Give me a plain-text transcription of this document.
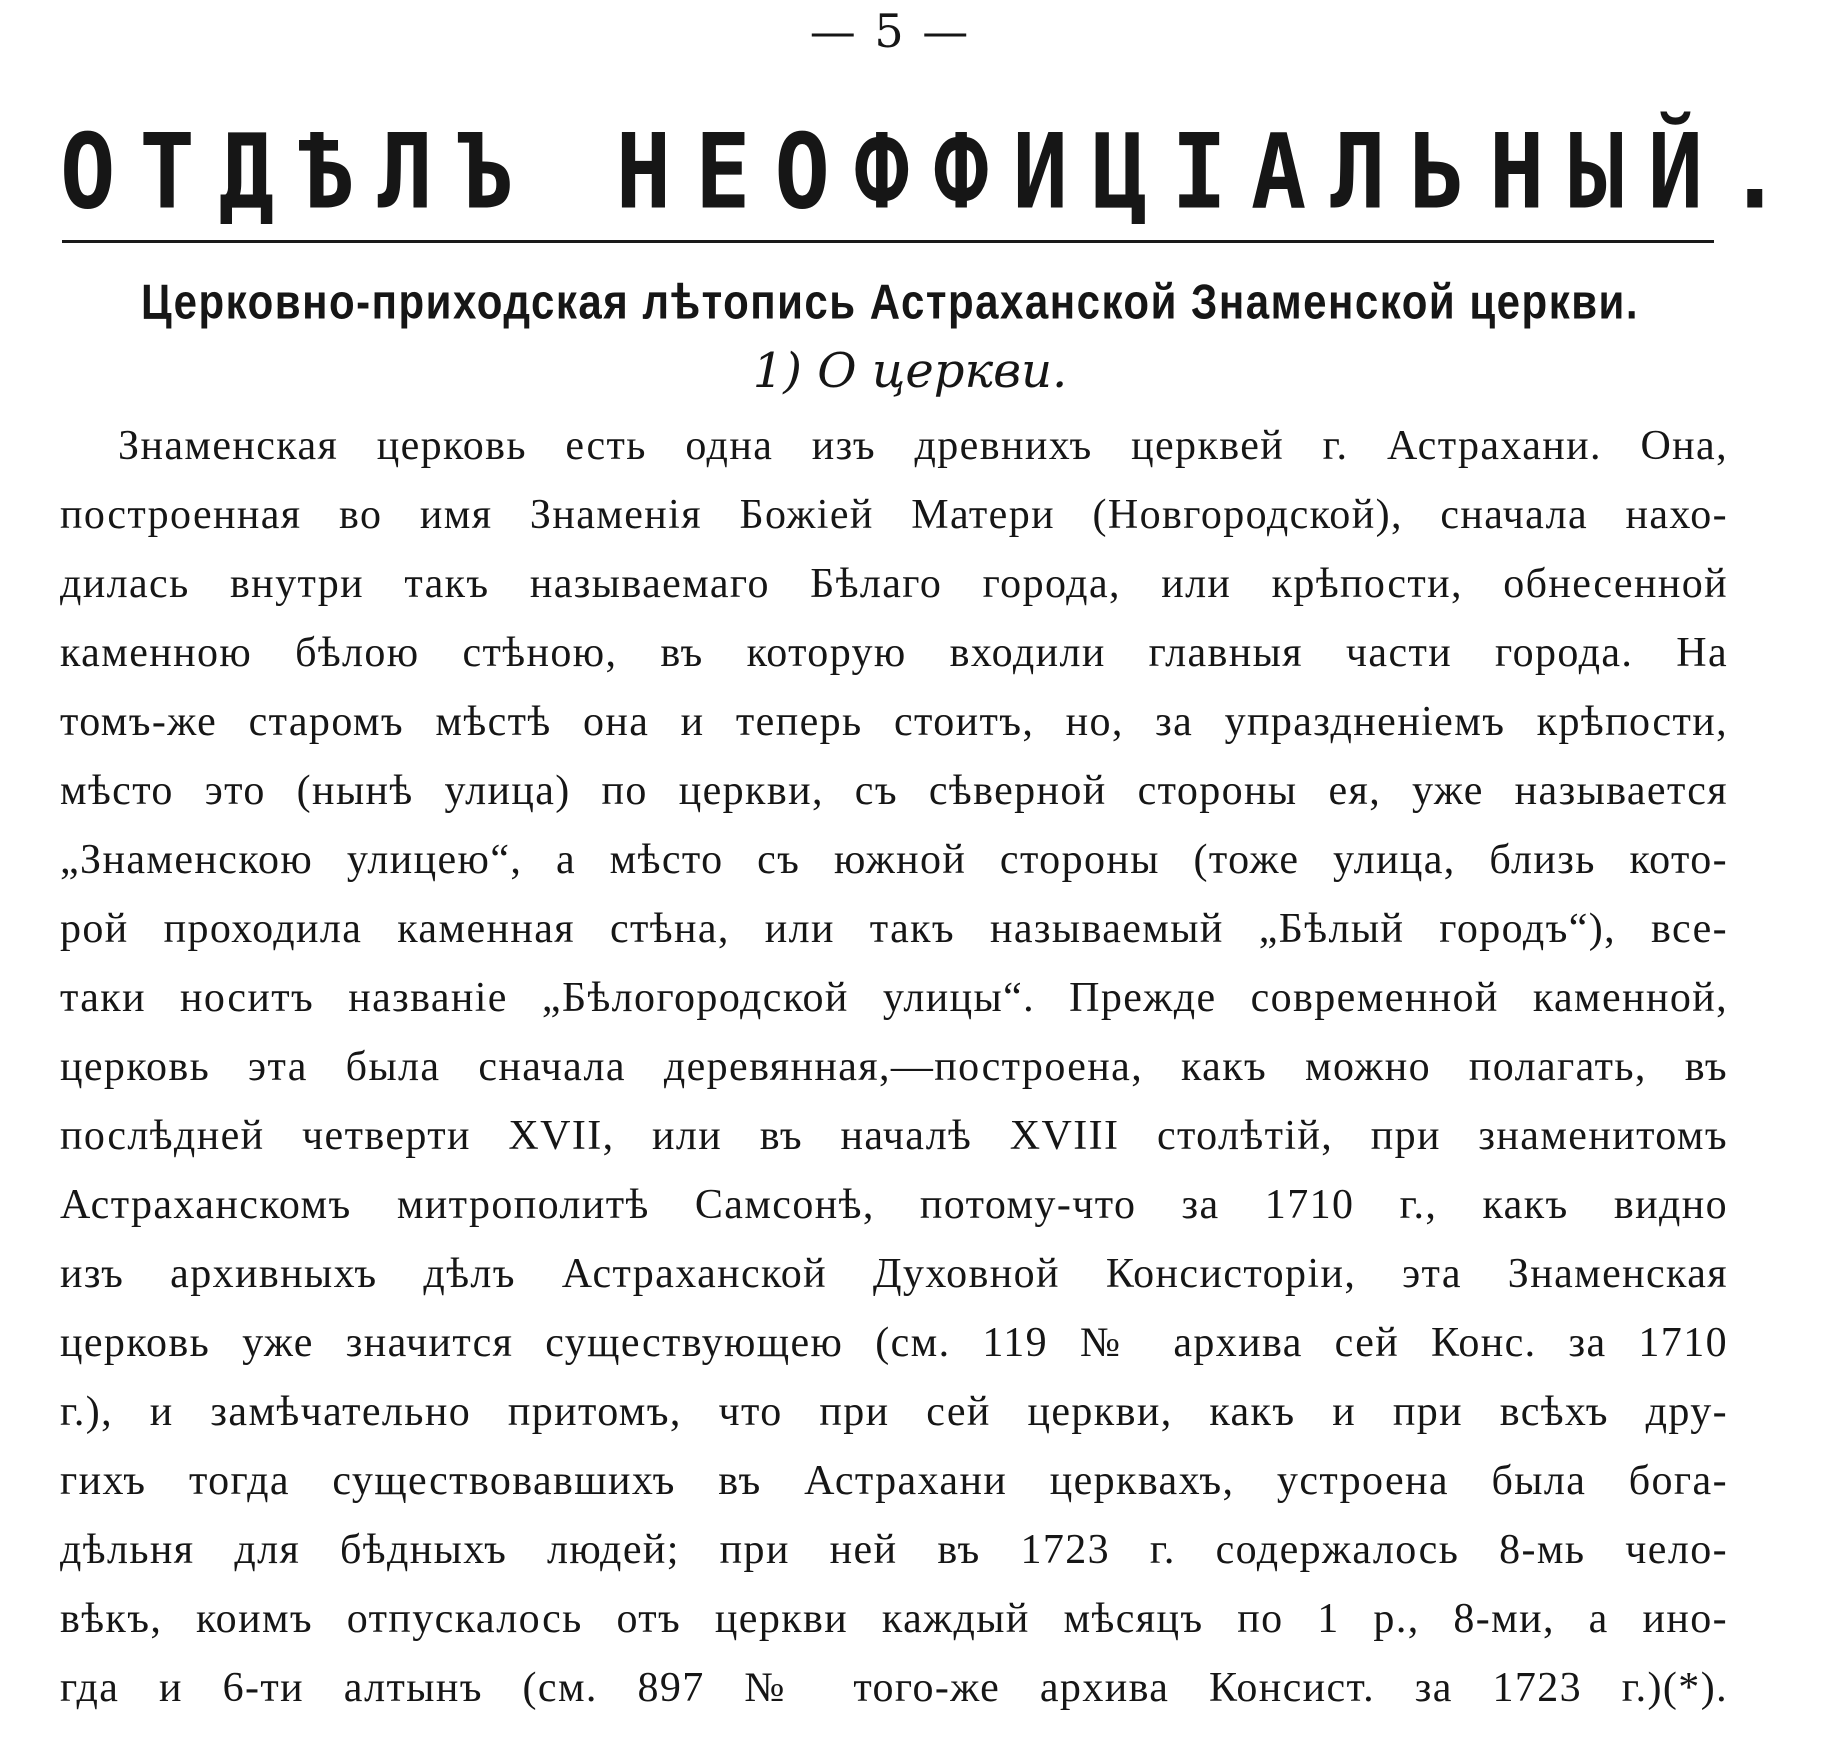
— 5 —
ОТДѢЛЪ НЕОФФИЦІАЛЬНЫЙ.
Церковно-приходская лѣтопись Астраханской Знаменской церкви.
1) О церкви.
Знаменская церковь есть одна изъ древнихъ церквей г. Астрахани. Она,
построенная во имя Знаменія Божіей Матери (Новгородской), сначала нахо-
дилась внутри такъ называемаго Бѣлаго города, или крѣпости, обнесенной
каменною бѣлою стѣною, въ которую входили главныя части города. На
томъ-же старомъ мѣстѣ она и теперь стоитъ, но, за упраздненіемъ крѣпости,
мѣсто это (нынѣ улица) по церкви, съ сѣверной стороны ея, уже называется
„Знаменскою улицею“, а мѣсто съ южной стороны (тоже улица, близь кото-
рой проходила каменная стѣна, или такъ называемый „Бѣлый городъ“), все-
таки носитъ названіе „Бѣлогородской улицы“. Прежде современной каменной,
церковь эта была сначала деревянная,—построена, какъ можно полагать, въ
послѣдней четверти XVII, или въ началѣ XVIII столѣтій, при знаменитомъ
Астраханскомъ митрополитѣ Самсонѣ, потому-что за 1710 г., какъ видно
изъ архивныхъ дѣлъ Астраханской Духовной Консисторіи, эта Знаменская
церковь уже значится существующею (см. 119 № архива сей Конс. за 1710
г.), и замѣчательно притомъ, что при сей церкви, какъ и при всѣхъ дру-
гихъ тогда существовавшихъ въ Астрахани церквахъ, устроена была бога-
дѣльня для бѣдныхъ людей; при ней въ 1723 г. содержалось 8-мь чело-
вѣкъ, коимъ отпускалось отъ церкви каждый мѣсяцъ по 1 р., 8-ми, а ино-
гда и 6-ти алтынъ (см. 897 № того-же архива Консист. за 1723 г.)(*).
